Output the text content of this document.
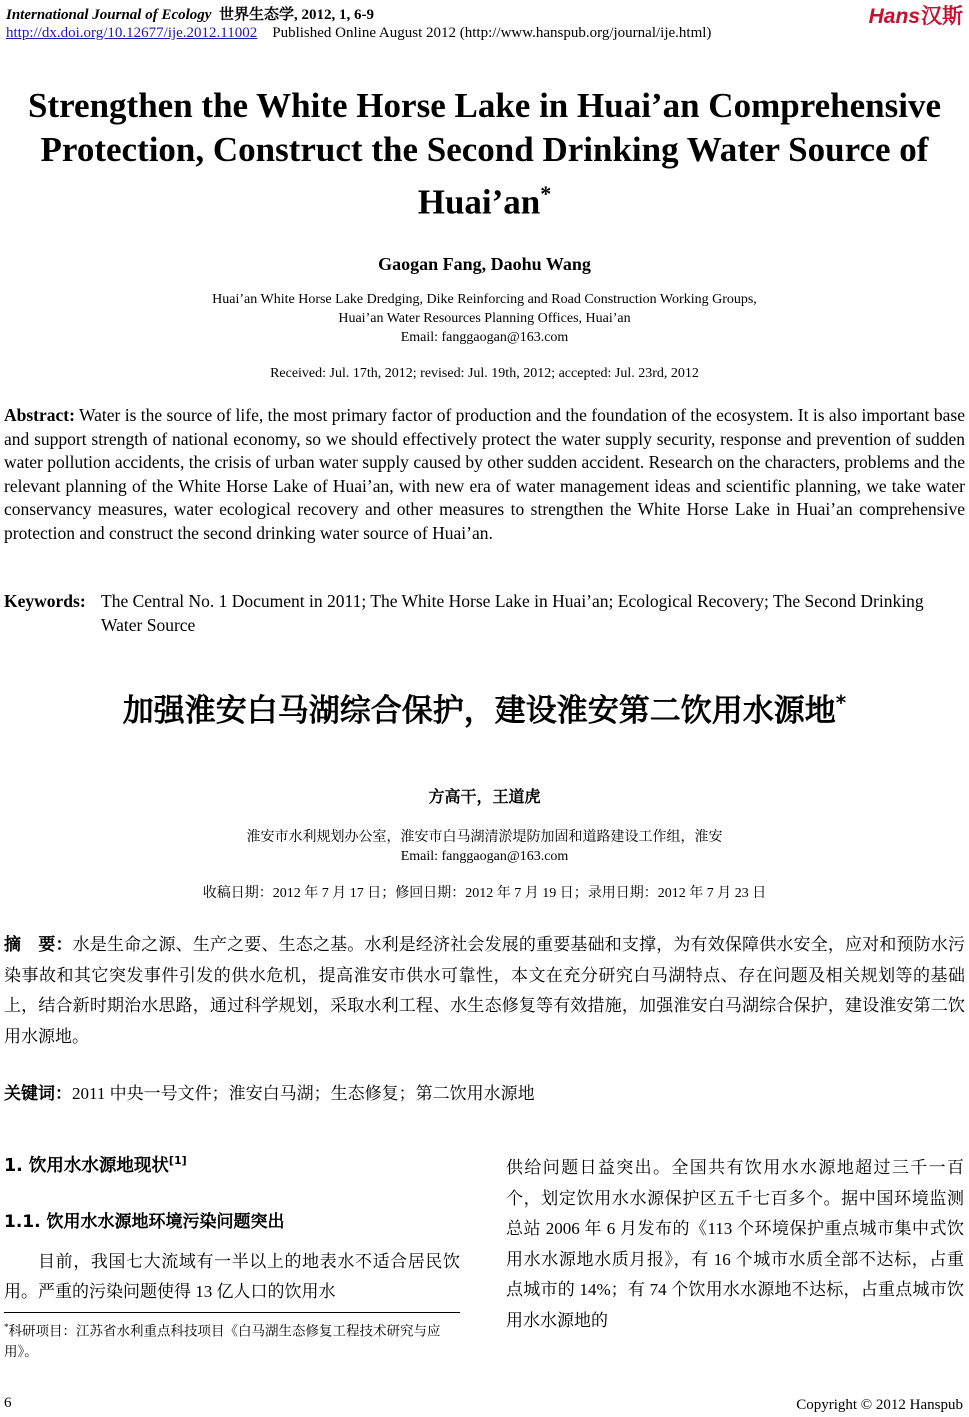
International Journal of Ecology 世界生态学, 2012, 1, 6-9
http://dx.doi.org/10.12677/ije.2012.11002 Published Online August 2012 (http://www.hanspub.org/journal/ije.html)
Hans汉斯
Strengthen the White Horse Lake in Huai’an Comprehensive Protection, Construct the Second Drinking Water Source of Huai’an*
Gaogan Fang, Daohu Wang
Huai’an White Horse Lake Dredging, Dike Reinforcing and Road Construction Working Groups,
Huai’an Water Resources Planning Offices, Huai’an
Email: fanggaogan@163.com
Received: Jul. 17th, 2012; revised: Jul. 19th, 2012; accepted: Jul. 23rd, 2012
Abstract: Water is the source of life, the most primary factor of production and the foundation of the ecosystem. It is also important base and support strength of national economy, so we should effectively protect the water supply security, response and prevention of sudden water pollution accidents, the crisis of urban water supply caused by other sudden accident. Research on the characters, problems and the relevant planning of the White Horse Lake of Huai’an, with new era of water management ideas and scientific planning, we take water conservancy measures, water ecological recovery and other measures to strengthen the White Horse Lake in Huai’an comprehensive protection and construct the second drinking water source of Huai’an.
Keywords: The Central No. 1 Document in 2011; The White Horse Lake in Huai’an; Ecological Recovery; The Second Drinking Water Source
加强淮安白马湖综合保护，建设淮安第二饮用水源地*
方高干，王道虎
淮安市水利规划办公室，淮安市白马湖清淤堤防加固和道路建设工作组，淮安
Email: fanggaogan@163.com
收稿日期：2012 年 7 月 17 日；修回日期：2012 年 7 月 19 日；录用日期：2012 年 7 月 23 日
摘　要：水是生命之源、生产之要、生态之基。水利是经济社会发展的重要基础和支撑，为有效保障供水安全，应对和预防水污染事故和其它突发事件引发的供水危机，提高淮安市供水可靠性，本文在充分研究白马湖特点、存在问题及相关规划等的基础上，结合新时期治水思路，通过科学规划，采取水利工程、水生态修复等有效措施，加强淮安白马湖综合保护，建设淮安第二饮用水源地。
关键词：2011 中央一号文件；淮安白马湖；生态修复；第二饮用水源地
1. 饮用水水源地现状[1]
1.1. 饮用水水源地环境污染问题突出
目前，我国七大流域有一半以上的地表水不适合居民饮用。严重的污染问题使得 13 亿人口的饮用水
供给问题日益突出。全国共有饮用水水源地超过三千一百个，划定饮用水水源保护区五千七百多个。据中国环境监测总站 2006 年 6 月发布的《113 个环境保护重点城市集中式饮用水水源地水质月报》，有 16 个城市水质全部不达标，占重点城市的 14%；有 74 个饮用水水源地不达标，占重点城市饮用水水源地的
*科研项目：江苏省水利重点科技项目《白马湖生态修复工程技术研究与应用》。
6	Copyright © 2012 Hanspub
